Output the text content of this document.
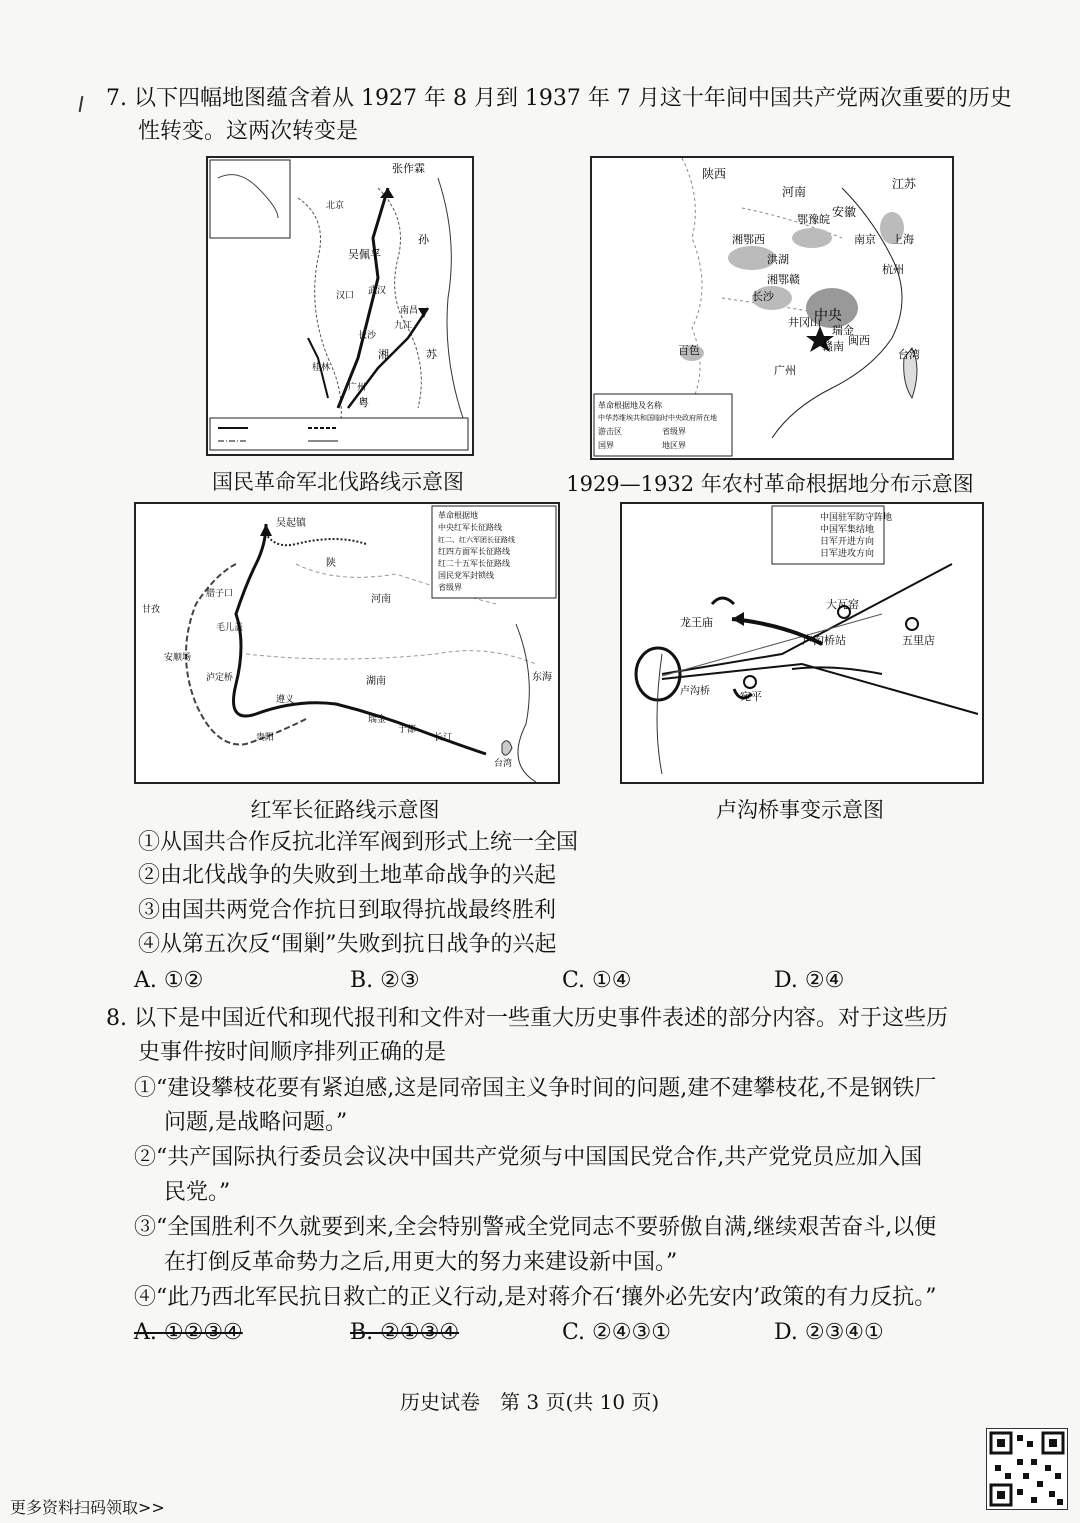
7. 以下四幅地图蕴含着从 1927 年 8 月到 1937 年 7 月这十年间中国共产党两次重要的历史
性转变。这两次转变是
张作霖
北京
武汉
汉口
南昌
九江
长沙
广州
桂林
吴佩孚
孙
湘
粤
苏
国民革命军北伐路线示意图
陕西
河南
安徽
江苏
南京 上海
杭州
湘鄂西
鄂豫皖
洪湖
湘鄂赣
长沙
井冈山
中央
瑞金
赣南 闽西
广州
百色	台湾
革命根据地及名称
中华苏维埃共和国临时中央政府所在地
游击区	省级界
国界	地区界
1929—1932 年农村革命根据地分布示意图
吴起镇
陕
河南
腊子口
毛儿盖
甘孜
安顺场
泸定桥
遵义
贵阳
湖南
瑞金
于都
长汀
东海
台湾
革命根据地
中央红军长征路线
红二、红六军团长征路线
红四方面军长征路线
红二十五军长征路线
国民党军封锁线
省级界
红军长征路线示意图
龙王庙
大瓦窑
卢沟桥站	五里店
卢沟桥	宛平
中国驻军防守阵地
中国军集结地
日军开进方向
日军进攻方向
卢沟桥事变示意图
①从国共合作反抗北洋军阀到形式上统一全国
②由北伐战争的失败到土地革命战争的兴起
③由国共两党合作抗日到取得抗战最终胜利
④从第五次反“围剿”失败到抗日战争的兴起
A. ①②	B. ②③	C. ①④	D. ②④
8. 以下是中国近代和现代报刊和文件对一些重大历史事件表述的部分内容。对于这些历
史事件按时间顺序排列正确的是
①“建设攀枝花要有紧迫感,这是同帝国主义争时间的问题,建不建攀枝花,不是钢铁厂
问题,是战略问题。”
②“共产国际执行委员会议决中国共产党须与中国国民党合作,共产党党员应加入国
民党。”
③“全国胜利不久就要到来,全会特别警戒全党同志不要骄傲自满,继续艰苦奋斗,以便
在打倒反革命势力之后,用更大的努力来建设新中国。”
④“此乃西北军民抗日救亡的正义行动,是对蒋介石‘攘外必先安内’政策的有力反抗。”
A. ①②③④	B. ②①③④	C. ②④③①	D. ②③④①
历史试卷　第 3 页(共 10 页)
更多资料扫码领取>>
